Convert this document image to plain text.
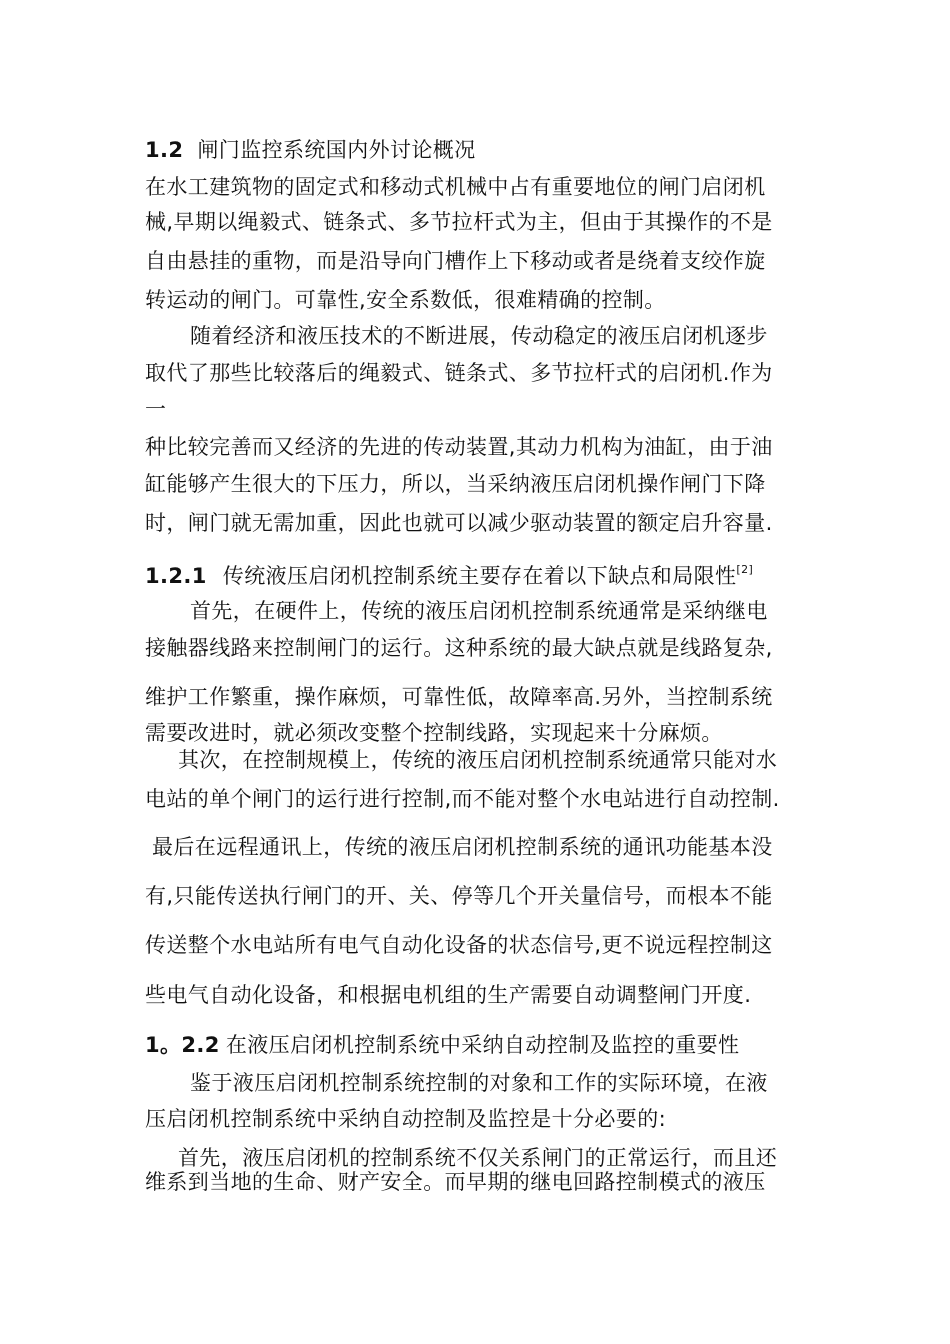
1.2 闸门监控系统国内外讨论概况
在水工建筑物的固定式和移动式机械中占有重要地位的闸门启闭机
械,早期以绳毅式、链条式、多节拉杆式为主，但由于其操作的不是
自由悬挂的重物，而是沿导向门槽作上下移动或者是绕着支绞作旋
转运动的闸门。可靠性,安全系数低，很难精确的控制。
随着经济和液压技术的不断进展，传动稳定的液压启闭机逐步
取代了那些比较落后的绳毅式、链条式、多节拉杆式的启闭机.作为
一
种比较完善而又经济的先进的传动装置,其动力机构为油缸，由于油
缸能够产生很大的下压力，所以，当采纳液压启闭机操作闸门下降
时，闸门就无需加重，因此也就可以减少驱动装置的额定启升容量.
1.2.1 传统液压启闭机控制系统主要存在着以下缺点和局限性[2]
首先，在硬件上，传统的液压启闭机控制系统通常是采纳继电
接触器线路来控制闸门的运行。这种系统的最大缺点就是线路复杂,
维护工作繁重，操作麻烦，可靠性低，故障率高.另外，当控制系统
需要改进时，就必须改变整个控制线路，实现起来十分麻烦。
其次，在控制规模上，传统的液压启闭机控制系统通常只能对水
电站的单个闸门的运行进行控制,而不能对整个水电站进行自动控制.
最后在远程通讯上，传统的液压启闭机控制系统的通讯功能基本没
有,只能传送执行闸门的开、关、停等几个开关量信号，而根本不能
传送整个水电站所有电气自动化设备的状态信号,更不说远程控制这
些电气自动化设备，和根据电机组的生产需要自动调整闸门开度.
1。2.2 在液压启闭机控制系统中采纳自动控制及监控的重要性
鉴于液压启闭机控制系统控制的对象和工作的实际环境，在液
压启闭机控制系统中采纳自动控制及监控是十分必要的:
首先，液压启闭机的控制系统不仅关系闸门的正常运行，而且还
维系到当地的生命、财产安全。而早期的继电回路控制模式的液压
